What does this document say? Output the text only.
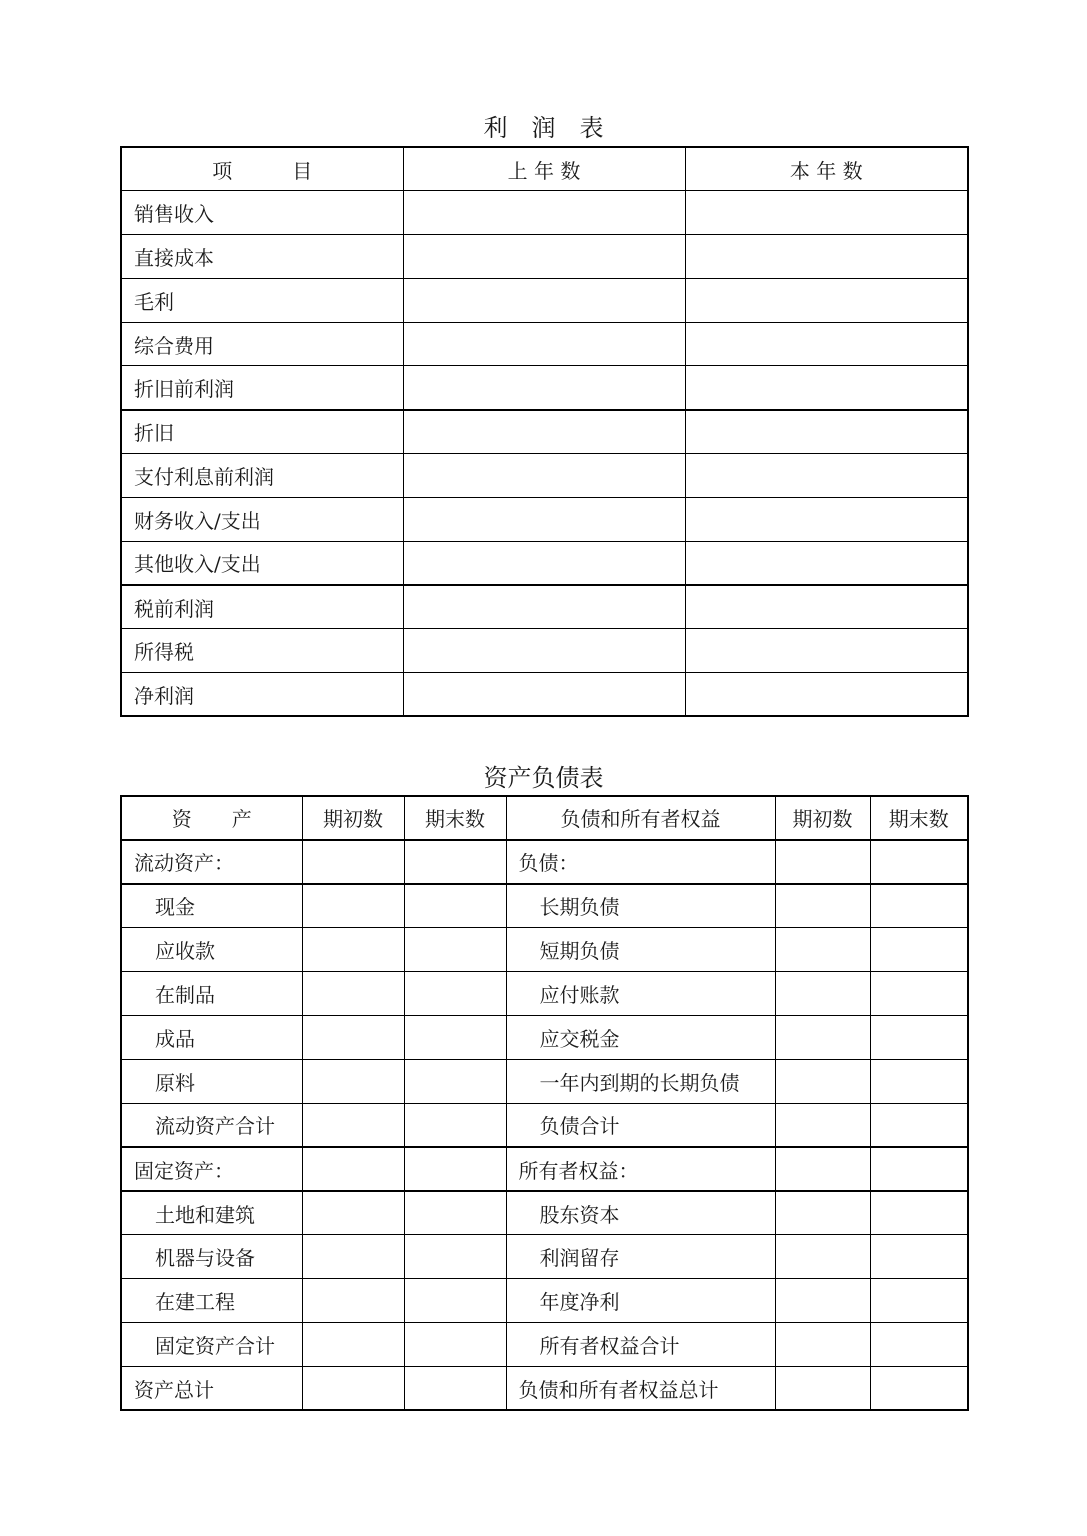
利　润　表
项　　　目	上 年 数	本 年 数
销售收入		
直接成本		
毛利		
综合费用		
折旧前利润		
折旧		
支付利息前利润		
财务收入/支出		
其他收入/支出		
税前利润		
所得税		
净利润		
资产负债表
资　　产	期初数	期末数	负债和所有者权益	期初数	期末数
流动资产：			负债：		
现金			长期负债		
应收款			短期负债		
在制品			应付账款		
成品			应交税金		
原料			一年内到期的长期负债		
流动资产合计			负债合计		
固定资产：			所有者权益：		
土地和建筑			股东资本		
机器与设备			利润留存		
在建工程			年度净利		
固定资产合计			所有者权益合计		
资产总计			负债和所有者权益总计		
